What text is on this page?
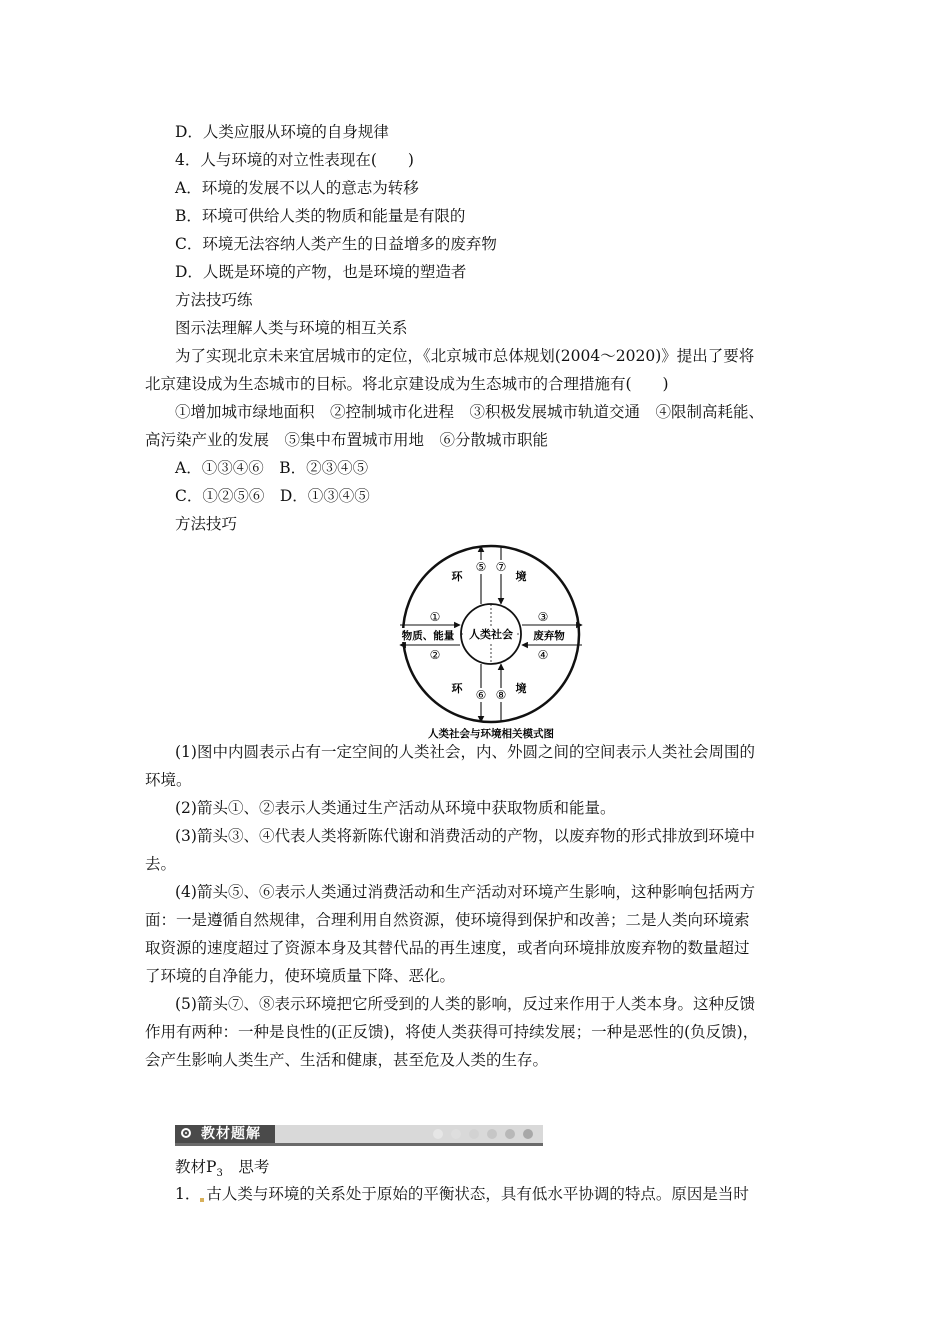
D．人类应服从环境的自身规律
4．人与环境的对立性表现在(　　)
A．环境的发展不以人的意志为转移
B．环境可供给人类的物质和能量是有限的
C．环境无法容纳人类产生的日益增多的废弃物
D．人既是环境的产物，也是环境的塑造者
方法技巧练
图示法理解人类与环境的相互关系
为了实现北京未来宜居城市的定位，《北京城市总体规划(2004～2020)》提出了要将
北京建设成为生态城市的目标。将北京建设成为生态城市的合理措施有(　　)
①增加城市绿地面积　②控制城市化进程　③积极发展城市轨道交通　④限制高耗能、
高污染产业的发展　⑤集中布置城市用地　⑥分散城市职能
A．①③④⑥　B．②③④⑤
C．①②⑤⑥　D．①③④⑤
方法技巧
人类社会
环	境
环	境
物质、能量	废弃物
①
②
③
④
⑤ ⑦
⑥ ⑧
人类社会与环境相关模式图
(1)图中内圆表示占有一定空间的人类社会，内、外圆之间的空间表示人类社会周围的
环境。
(2)箭头①、②表示人类通过生产活动从环境中获取物质和能量。
(3)箭头③、④代表人类将新陈代谢和消费活动的产物，以废弃物的形式排放到环境中
去。
(4)箭头⑤、⑥表示人类通过消费活动和生产活动对环境产生影响，这种影响包括两方
面：一是遵循自然规律，合理利用自然资源，使环境得到保护和改善；二是人类向环境索
取资源的速度超过了资源本身及其替代品的再生速度，或者向环境排放废弃物的数量超过
了环境的自净能力，使环境质量下降、恶化。
(5)箭头⑦、⑧表示环境把它所受到的人类的影响，反过来作用于人类本身。这种反馈
作用有两种：一种是良性的(正反馈)，将使人类获得可持续发展；一种是恶性的(负反馈)，
会产生影响人类生产、生活和健康，甚至危及人类的生存。
教材题解
教材$P_3$　思考
1． 古人类与环境的关系处于原始的平衡状态，具有低水平协调的特点。原因是当时
